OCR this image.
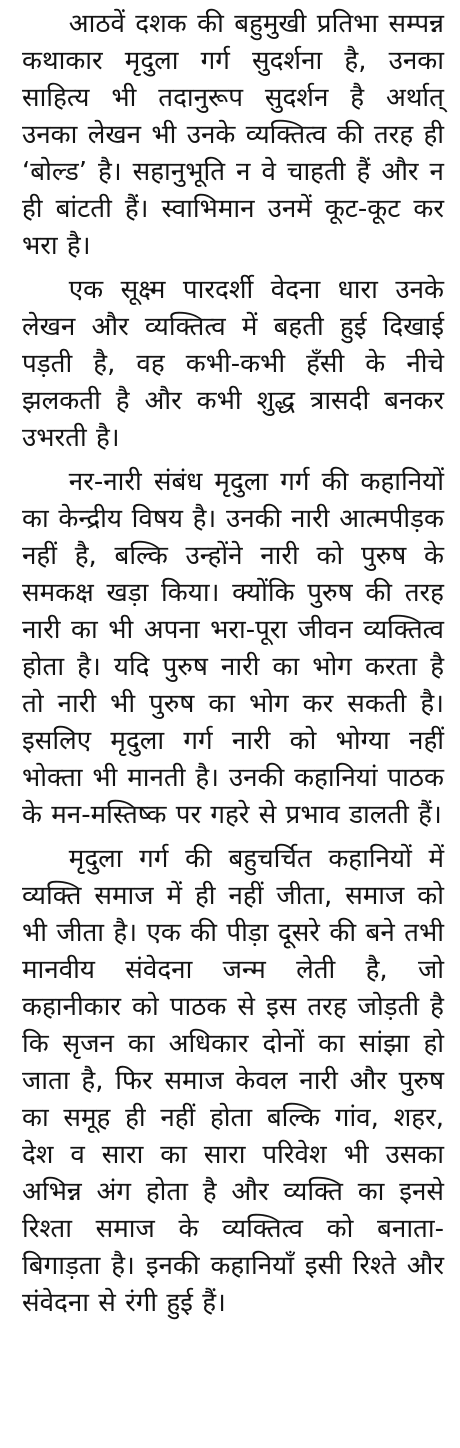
आठवें दशक की बहुमुखी प्रतिभा सम्पन्न कथाकार मृदुला गर्ग सुदर्शना है, उनका साहित्य भी तदानुरूप सुदर्शन है अर्थात् उनका लेखन भी उनके व्यक्तित्व की तरह ही ‘बोल्ड’ है। सहानुभूति न वे चाहती हैं और न ही बांटती हैं। स्वाभिमान उनमें कूट-कूट कर भरा है।

एक सूक्ष्म पारदर्शी वेदना धारा उनके लेखन और व्यक्तित्व में बहती हुई दिखाई पड़ती है, वह कभी-कभी हँसी के नीचे झलकती है और कभी शुद्ध त्रासदी बनकर उभरती है।

नर-नारी संबंध मृदुला गर्ग की कहानियों का केन्द्रीय विषय है। उनकी नारी आत्मपीड़क नहीं है, बल्कि उन्होंने नारी को पुरुष के समकक्ष खड़ा किया। क्योंकि पुरुष की तरह नारी का भी अपना भरा-पूरा जीवन व्यक्तित्व होता है। यदि पुरुष नारी का भोग करता है तो नारी भी पुरुष का भोग कर सकती है। इसलिए मृदुला गर्ग नारी को भोग्या नहीं भोक्ता भी मानती है। उनकी कहानियां पाठक के मन-मस्तिष्क पर गहरे से प्रभाव डालती हैं।

मृदुला गर्ग की बहुचर्चित कहानियों में व्यक्ति समाज में ही नहीं जीता, समाज को भी जीता है। एक की पीड़ा दूसरे की बने तभी मानवीय संवेदना जन्म लेती है, जो कहानीकार को पाठक से इस तरह जोड़ती है कि सृजन का अधिकार दोनों का सांझा हो जाता है, फिर समाज केवल नारी और पुरुष का समूह ही नहीं होता बल्कि गांव, शहर, देश व सारा का सारा परिवेश भी उसका अभिन्न अंग होता है और व्यक्ति का इनसे रिश्ता समाज के व्यक्तित्व को बनाता-बिगाड़ता है। इनकी कहानियाँ इसी रिश्ते और संवेदना से रंगी हुई हैं।
